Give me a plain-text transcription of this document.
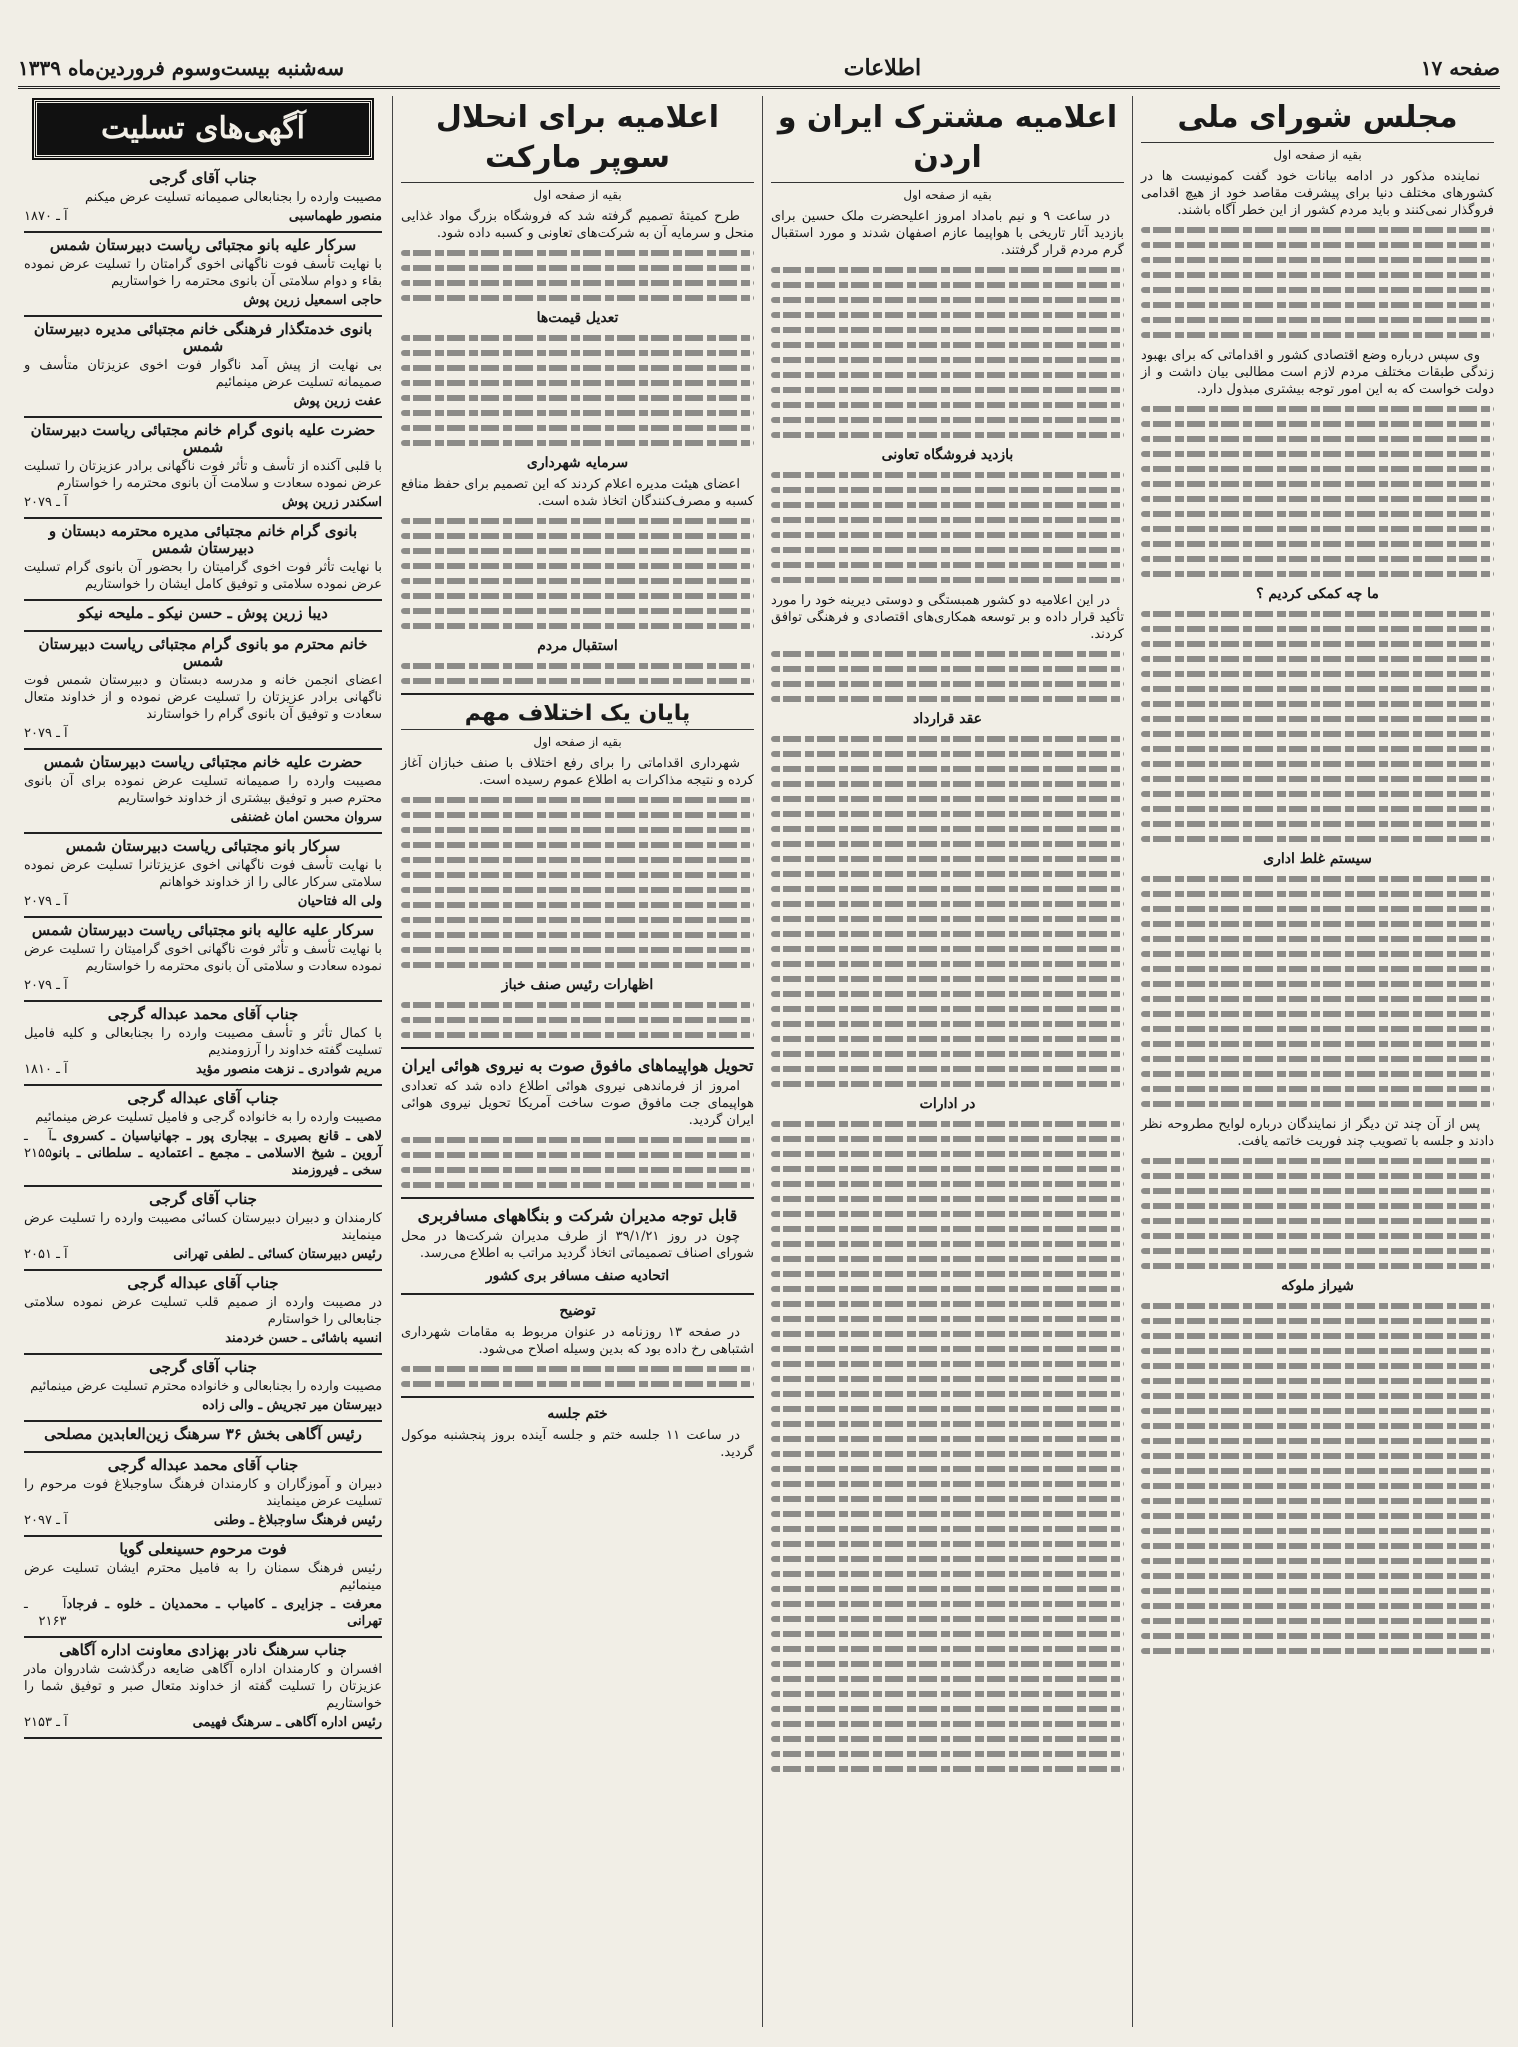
صفحه ۱۷
اطلاعات
سه‌شنبه بیست‌وسوم فروردین‌ماه ۱۳۳۹
مجلس شورای ملی
بقیه از صفحه اول

نماینده مذکور در ادامه بیانات خود گفت کمونیست ها در کشورهای مختلف دنیا برای پیشرفت مقاصد خود از هیچ اقدامی فروگذار نمی‌کنند و باید مردم کشور از این خطر آگاه باشند.

وی سپس درباره وضع اقتصادی کشور و اقداماتی که برای بهبود زندگی طبقات مختلف مردم لازم است مطالبی بیان داشت و از دولت خواست که به این امور توجه بیشتری مبذول دارد.

ما چه کمکی کردیم ؟
سیستم غلط اداری

پس از آن چند تن دیگر از نمایندگان درباره لوایح مطروحه نظر دادند و جلسه با تصویب چند فوریت خاتمه یافت.

شیراز ملوکه
اعلامیه مشترک ایران و اردن
بقیه از صفحه اول

در ساعت ۹ و نیم بامداد امروز اعلیحضرت ملک حسین برای بازدید آثار تاریخی با هواپیما عازم اصفهان شدند و مورد استقبال گرم مردم قرار گرفتند.

بازدید فروشگاه تعاونی

در این اعلامیه دو کشور همبستگی و دوستی دیرینه خود را مورد تأکید قرار داده و بر توسعه همکاری‌های اقتصادی و فرهنگی توافق کردند.

عقد قرارداد
در ادارات
اعلامیه برای انحلال سوپر مارکت
بقیه از صفحه اول

طرح کمیتهٔ تصمیم گرفته شد که فروشگاه بزرگ مواد غذایی منحل و سرمایه آن به شرکت‌های تعاونی و کسبه داده شود.

تعدیل قیمت‌ها
سرمایه شهرداری

اعضای هیئت مدیره اعلام کردند که این تصمیم برای حفظ منافع کسبه و مصرف‌کنندگان اتخاذ شده است.

استقبال مردم
پایان یک اختلاف مهم
بقیه از صفحه اول

شهرداری اقداماتی را برای رفع اختلاف با صنف خبازان آغاز کرده و نتیجه مذاکرات به اطلاع عموم رسیده است.

اظهارات رئیس صنف خباز
تحویل هواپیماهای مافوق صوت به نیروی هوائی ایران

امروز از فرماندهی نیروی هوائی اطلاع داده شد که تعدادی هواپیمای جت مافوق صوت ساخت آمریکا تحویل نیروی هوائی ایران گردید.

قابل توجه مدیران شرکت و بنگاههای مسافربری

چون در روز ۳۹/۱/۲۱ از طرف مدیران شرکت‌ها در محل شورای اصناف تصمیماتی اتخاذ گردید مراتب به اطلاع می‌رسد.

اتحادیه صنف مسافر بری کشور
توضیح

در صفحه ۱۳ روزنامه در عنوان مربوط به مقامات شهرداری اشتباهی رخ داده بود که بدین وسیله اصلاح می‌شود.

ختم جلسه

در ساعت ۱۱ جلسه ختم و جلسه آینده بروز پنجشنبه موکول گردید.

آگهی‌های تسلیت
جناب آقای گرجی
مصیبت وارده را بجنابعالی صمیمانه تسلیت عرض میکنم
منصور طهماسبی
آ ـ ۱۸۷۰
سرکار علیه بانو مجتبائی ریاست دبیرستان شمس
با نهایت تأسف فوت ناگهانی اخوی گرامتان را تسلیت عرض نموده بقاء و دوام سلامتی آن بانوی محترمه را خواستاریم
حاجی اسمعیل زرین پوش
بانوی خدمتگذار فرهنگی خانم مجتبائی مدیره دبیرستان شمس
بی نهایت از پیش آمد ناگوار فوت اخوی عزیزتان متأسف و صمیمانه تسلیت عرض مینمائیم
عفت زرین پوش
حضرت علیه بانوی گرام خانم مجتبائی ریاست دبیرستان شمس
با قلبی آکنده از تأسف و تأثر فوت ناگهانی برادر عزیزتان را تسلیت عرض نموده سعادت و سلامت آن بانوی محترمه را خواستارم
اسکندر زرین پوش
آ ـ ۲۰۷۹
بانوی گرام خانم مجتبائی مدیره محترمه دبستان و دبیرستان شمس
با نهایت تأثر فوت اخوی گرامیتان را بحضور آن بانوی گرام تسلیت عرض نموده سلامتی و توفیق کامل ایشان را خواستاریم
دیبا زرین پوش ـ حسن نیکو ـ ملیحه نیکو
خانم محترم مو بانوی گرام مجتبائی ریاست دبیرستان شمس
اعضای انجمن خانه و مدرسه دبستان و دبیرستان شمس فوت ناگهانی برادر عزیزتان را تسلیت عرض نموده و از خداوند متعال سعادت و توفیق آن بانوی گرام را خواستارند
آ ـ ۲۰۷۹
حضرت علیه خانم مجتبائی ریاست دبیرستان شمس
مصیبت وارده را صمیمانه تسلیت عرض نموده برای آن بانوی محترم صبر و توفیق بیشتری از خداوند خواستاریم
سروان محسن امان غضنفی
سرکار بانو مجتبائی ریاست دبیرستان شمس
با نهایت تأسف فوت ناگهانی اخوی عزیزتانرا تسلیت عرض نموده سلامتی سرکار عالی را از خداوند خواهانم
ولی اله فتاحیان
آ ـ ۲۰۷۹
سرکار علیه عالیه بانو مجتبائی ریاست دبیرستان شمس
با نهایت تأسف و تأثر فوت ناگهانی اخوی گرامیتان را تسلیت عرض نموده سعادت و سلامتی آن بانوی محترمه را خواستاریم
آ ـ ۲۰۷۹
جناب آقای محمد عبداله گرجی
با کمال تأثر و تأسف مصیبت وارده را بجنابعالی و کلیه فامیل تسلیت گفته خداوند را آرزومندیم
مریم شوادری ـ نزهت منصور مؤید
آ ـ ۱۸۱۰
جناب آقای عبداله گرجی
مصیبت وارده را به خانواده گرجی و فامیل تسلیت عرض مینمائیم
لاهی ـ قانع بصیری ـ بیجاری پور ـ جهانیاسیان ـ کسروی ـ آروین ـ شیخ الاسلامی ـ مجمع ـ اعتمادیه ـ سلطانی ـ بانو سخی ـ فیروزمند
آ ـ ۲۱۵۵
جناب آقای گرجی
کارمندان و دبیران دبیرستان کسائی مصیبت وارده را تسلیت عرض مینمایند
رئیس دبیرستان کسائی ـ لطفی تهرانی
آ ـ ۲۰۵۱
جناب آقای عبداله گرجی
در مصیبت وارده از صمیم قلب تسلیت عرض نموده سلامتی جنابعالی را خواستارم
انسیه باشائی ـ حسن خردمند
جناب آقای گرجی
مصیبت وارده را بجنابعالی و خانواده محترم تسلیت عرض مینمائیم
دبیرستان میر تجریش ـ والی زاده
رئیس آگاهی بخش ۳۶ سرهنگ زین‌العابدین مصلحی
جناب آقای محمد عبداله گرجی
دبیران و آموزگاران و کارمندان فرهنگ ساوجبلاغ فوت مرحوم را تسلیت عرض مینمایند
رئیس فرهنگ ساوجبلاغ ـ وطنی
آ ـ ۲۰۹۷
فوت مرحوم حسینعلی گویا
رئیس فرهنگ سمنان را به فامیل محترم ایشان تسلیت عرض مینمائیم
معرفت ـ جزایری ـ کامیاب ـ محمدیان ـ خلوه ـ فرجاد تهرانی
آ ـ ۲۱۶۳
جناب سرهنگ نادر بهزادی معاونت اداره آگاهی
افسران و کارمندان اداره آگاهی ضایعه درگذشت شادروان مادر عزیزتان را تسلیت گفته از خداوند متعال صبر و توفیق شما را خواستاریم
رئیس اداره آگاهی ـ سرهنگ فهیمی
آ ـ ۲۱۵۳
